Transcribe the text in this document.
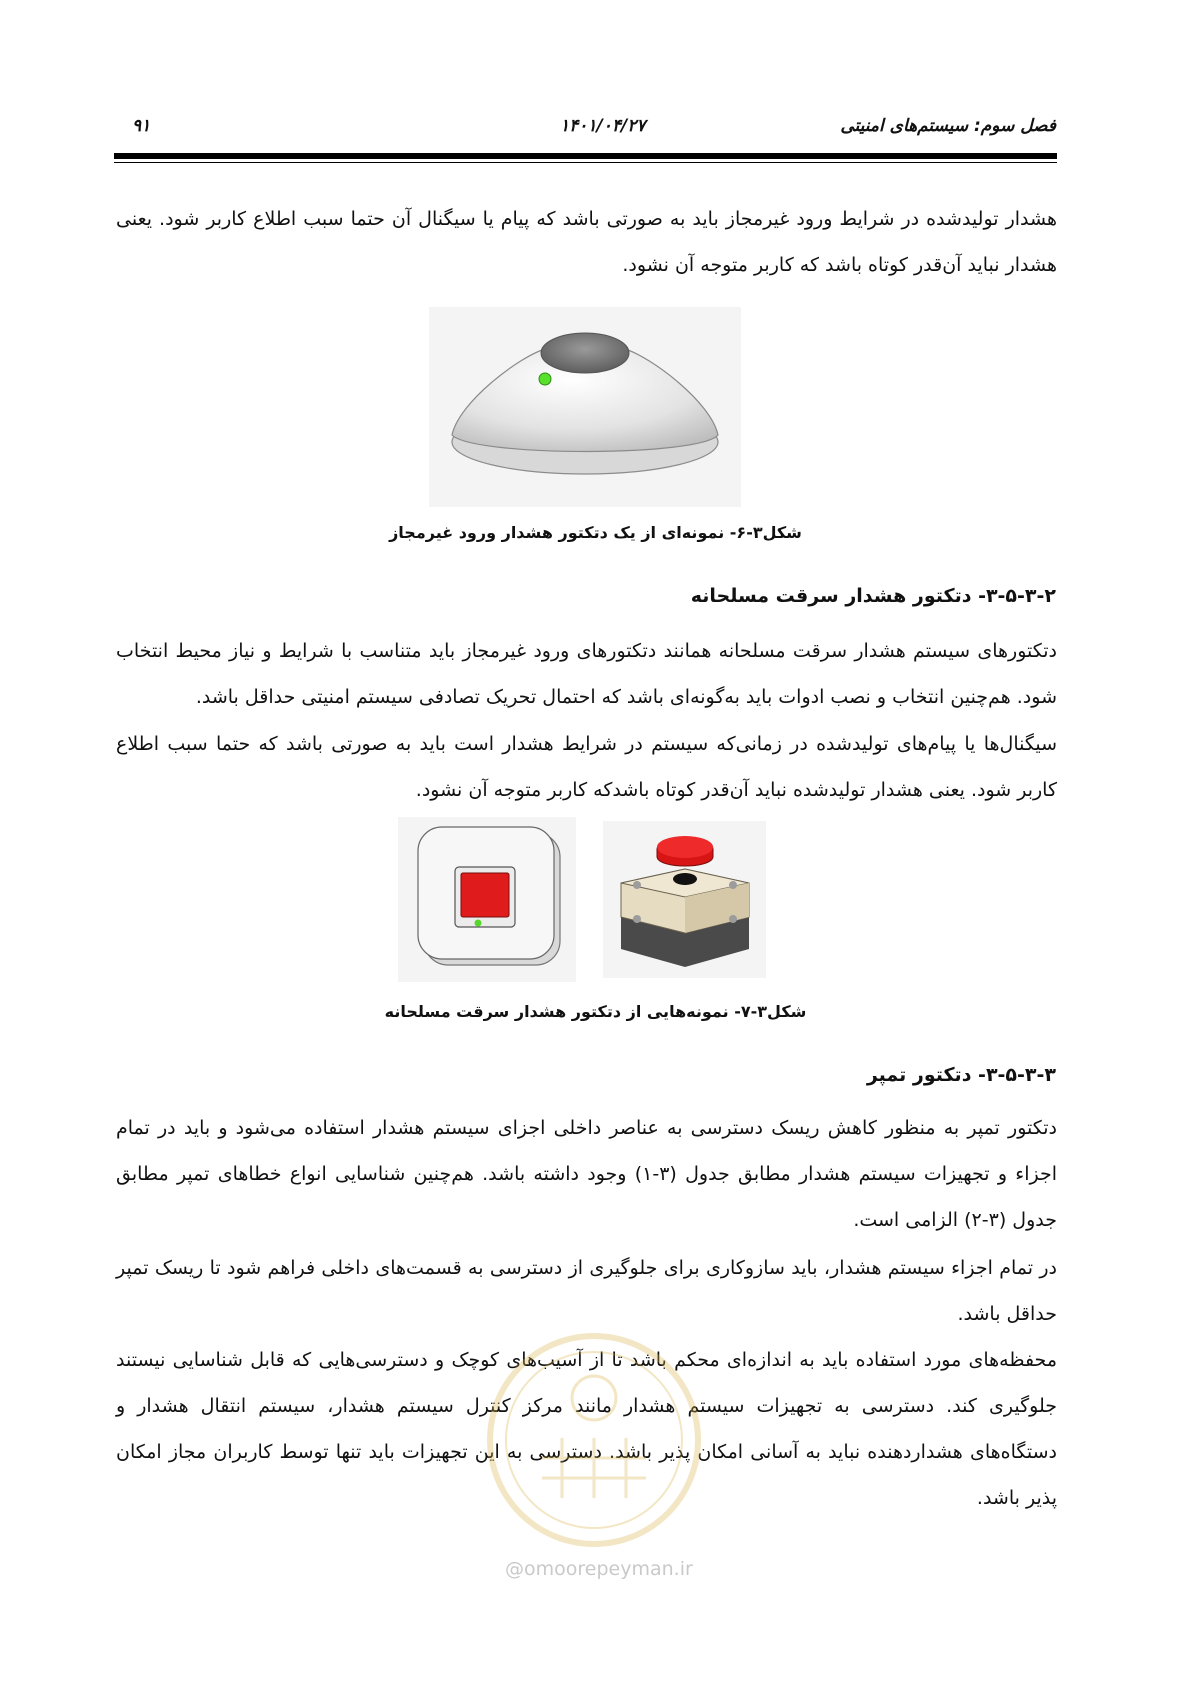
فصل سوم: سیستم‌های امنیتی
۱۴۰۱/۰۴/۲۷
۹۱

هشدار تولیدشده در شرایط ورود غیرمجاز باید به صورتی باشد که پیام یا سیگنال آن حتما سبب اطلاع کاربر شود. یعنی هشدار نباید آن‌قدر کوتاه باشد که کاربر متوجه آن نشود.

شکل۳-۶- نمونه‌ای از یک دتکتور هشدار ورود غیرمجاز
۳-۵-۳-۲- دتکتور هشدار سرقت مسلحانه

دتکتورهای سیستم هشدار سرقت مسلحانه همانند دتکتورهای ورود غیرمجاز باید متناسب با شرایط و نیاز محیط انتخاب شود. هم‌چنین انتخاب و نصب ادوات باید به‌گونه‌ای باشد که احتمال تحریک تصادفی سیستم امنیتی حداقل باشد.

سیگنال‌ها یا پیام‌های تولیدشده در زمانی‌که سیستم در شرایط هشدار است باید به صورتی باشد که حتما سبب اطلاع کاربر شود. یعنی هشدار تولیدشده نباید آن‌قدر کوتاه باشدکه کاربر متوجه آن نشود.

شکل۳-۷- نمونه‌هایی از دتکتور هشدار سرقت مسلحانه
۳-۵-۳-۳- دتکتور تمپر

دتکتور تمپر به منظور کاهش ریسک دسترسی به عناصر داخلی اجزای سیستم هشدار استفاده می‌شود و باید در تمام اجزاء و تجهیزات سیستم هشدار مطابق جدول (۳-۱) وجود داشته باشد. هم‌چنین شناسایی انواع خطاهای تمپر مطابق جدول (۳-۲) الزامی است.

در تمام اجزاء سیستم هشدار، باید سازوکاری برای جلوگیری از دسترسی به قسمت‌های داخلی فراهم شود تا ریسک تمپر حداقل باشد.

محفظه‌های مورد استفاده باید به اندازه‌ای محکم باشد تا از آسیب‌های کوچک و دسترسی‌هایی که قابل شناسایی نیستند جلوگیری کند. دسترسی به تجهیزات سیستم هشدار مانند مرکز کنترل سیستم هشدار، سیستم انتقال هشدار و دستگاه‌های هشداردهنده نباید به آسانی امکان پذیر باشد. دسترسی به این تجهیزات باید تنها توسط کاربران مجاز امکان پذیر باشد.

@omoorepeyman.ir
